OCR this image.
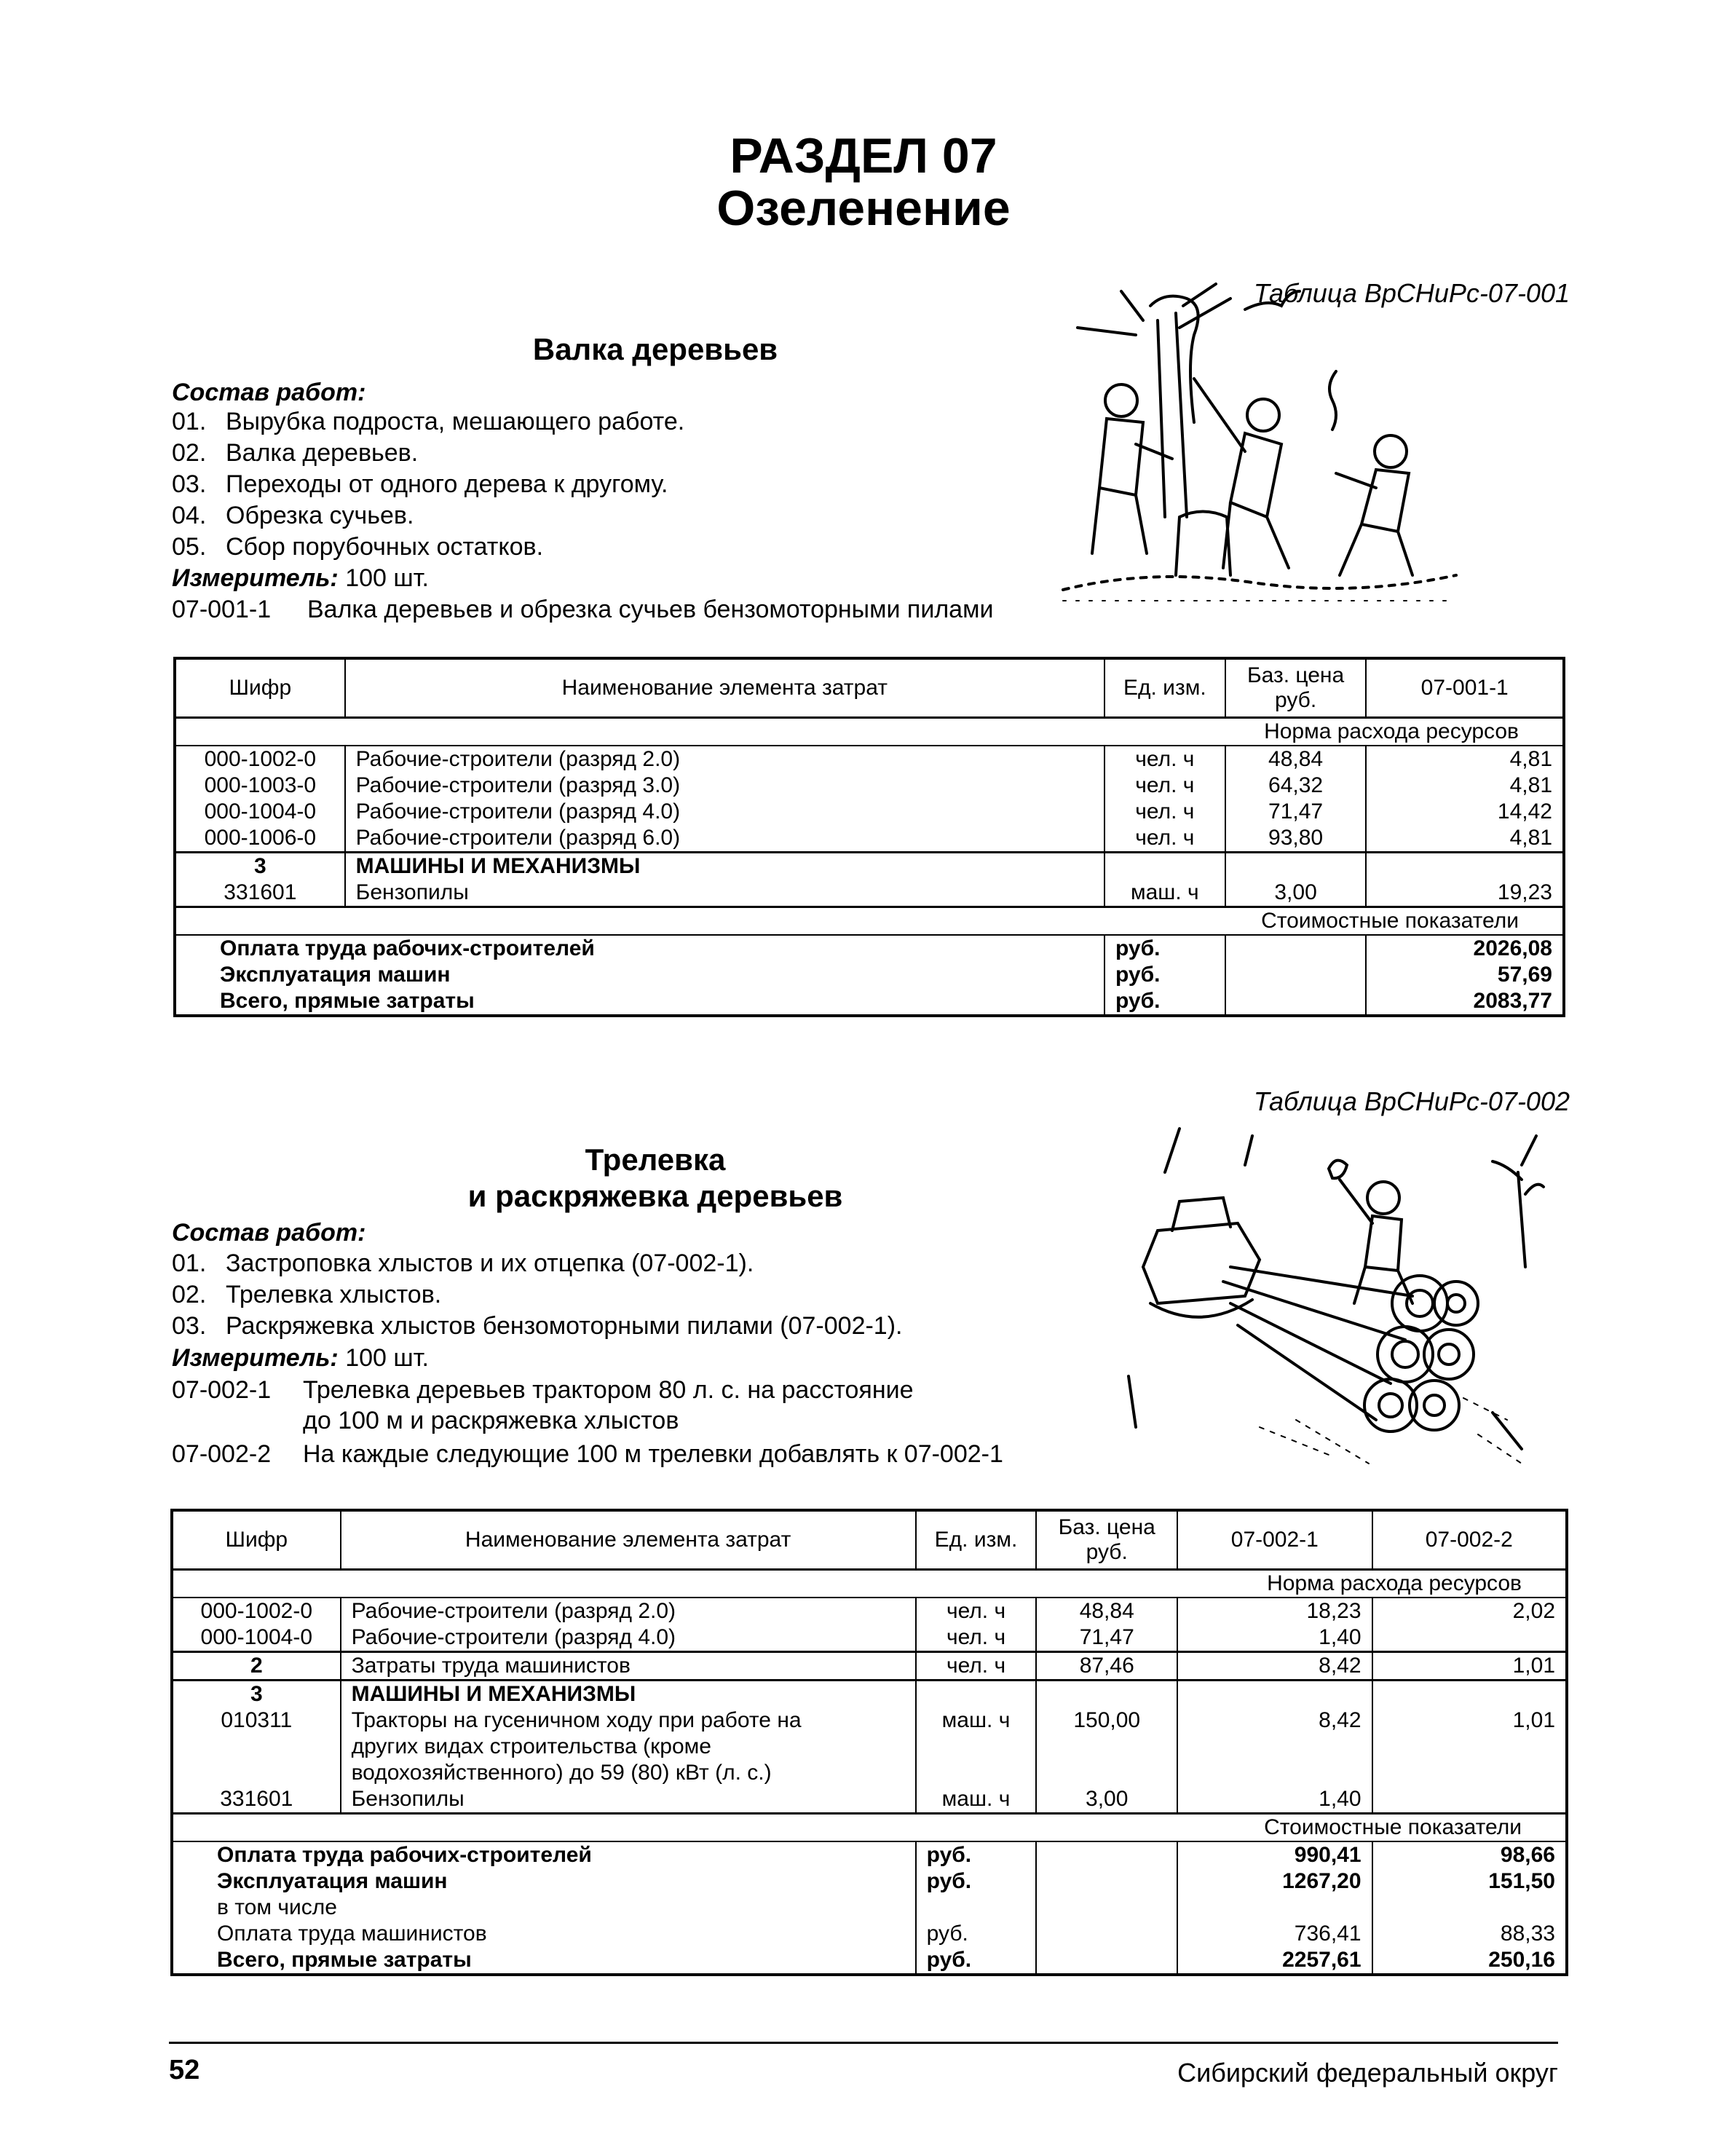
РАЗДЕЛ 07
Озеленение
Таблица ВрСНиРс-07-001
Валка деревьев
Состав работ:
01. Вырубка подроста, мешающего работе.
02. Валка деревьев.
03. Переходы от одного дерева к другому.
04. Обрезка сучьев.
05. Сбор порубочных остатков.
Измеритель: 100 шт.
07-001-1 Валка деревьев и обрезка сучьев бензомоторными пилами
Шифр	Наименование элемента затрат	Ед. изм.	Баз. цена руб.	07-001-1
Норма расхода ресурсов				
000-1002-0	Рабочие-строители (разряд 2.0)	чел. ч	48,84	4,81
000-1003-0	Рабочие-строители (разряд 3.0)	чел. ч	64,32	4,81
000-1004-0	Рабочие-строители (разряд 4.0)	чел. ч	71,47	14,42
000-1006-0	Рабочие-строители (разряд 6.0)	чел. ч	93,80	4,81
3	МАШИНЫ И МЕХАНИЗМЫ			
331601	Бензопилы	маш. ч	3,00	19,23
Стоимостные показатели				
Оплата труда рабочих-строителей		руб.		2026,08
Эксплуатация машин		руб.		57,69
Всего, прямые затраты		руб.		2083,77
Таблица ВрСНиРс-07-002
Трелевка
и раскряжевка деревьев
Состав работ:
01. Застроповка хлыстов и их отцепка (07-002-1).
02. Трелевка хлыстов.
03. Раскряжевка хлыстов бензомоторными пилами (07-002-1).
Измеритель: 100 шт.
07-002-1 Трелевка деревьев трактором 80 л. с. на расстояние
до 100 м и раскряжевка хлыстов
07-002-2 На каждые следующие 100 м трелевки добавлять к 07-002-1
Шифр	Наименование элемента затрат	Ед. изм.	Баз. цена руб.	07-002-1	07-002-2
Норма расхода ресурсов					
000-1002-0	Рабочие-строители (разряд 2.0)	чел. ч	48,84	18,23	2,02
000-1004-0	Рабочие-строители (разряд 4.0)	чел. ч	71,47	1,40	
2	Затраты труда машинистов	чел. ч	87,46	8,42	1,01
3	МАШИНЫ И МЕХАНИЗМЫ				
010311	Тракторы на гусеничном ходу при работе на
других видах строительства (кроме
водохозяйственного) до 59 (80) кВт (л. с.)	маш. ч	150,00	8,42	1,01
331601	Бензопилы	маш. ч	3,00	1,40	
Стоимостные показатели					
Оплата труда рабочих-строителей		руб.		990,41	98,66
Эксплуатация машин		руб.		1267,20	151,50
в том числе					
Оплата труда машинистов		руб.		736,41	88,33
Всего, прямые затраты		руб.		2257,61	250,16
52	Сибирский федеральный округ
